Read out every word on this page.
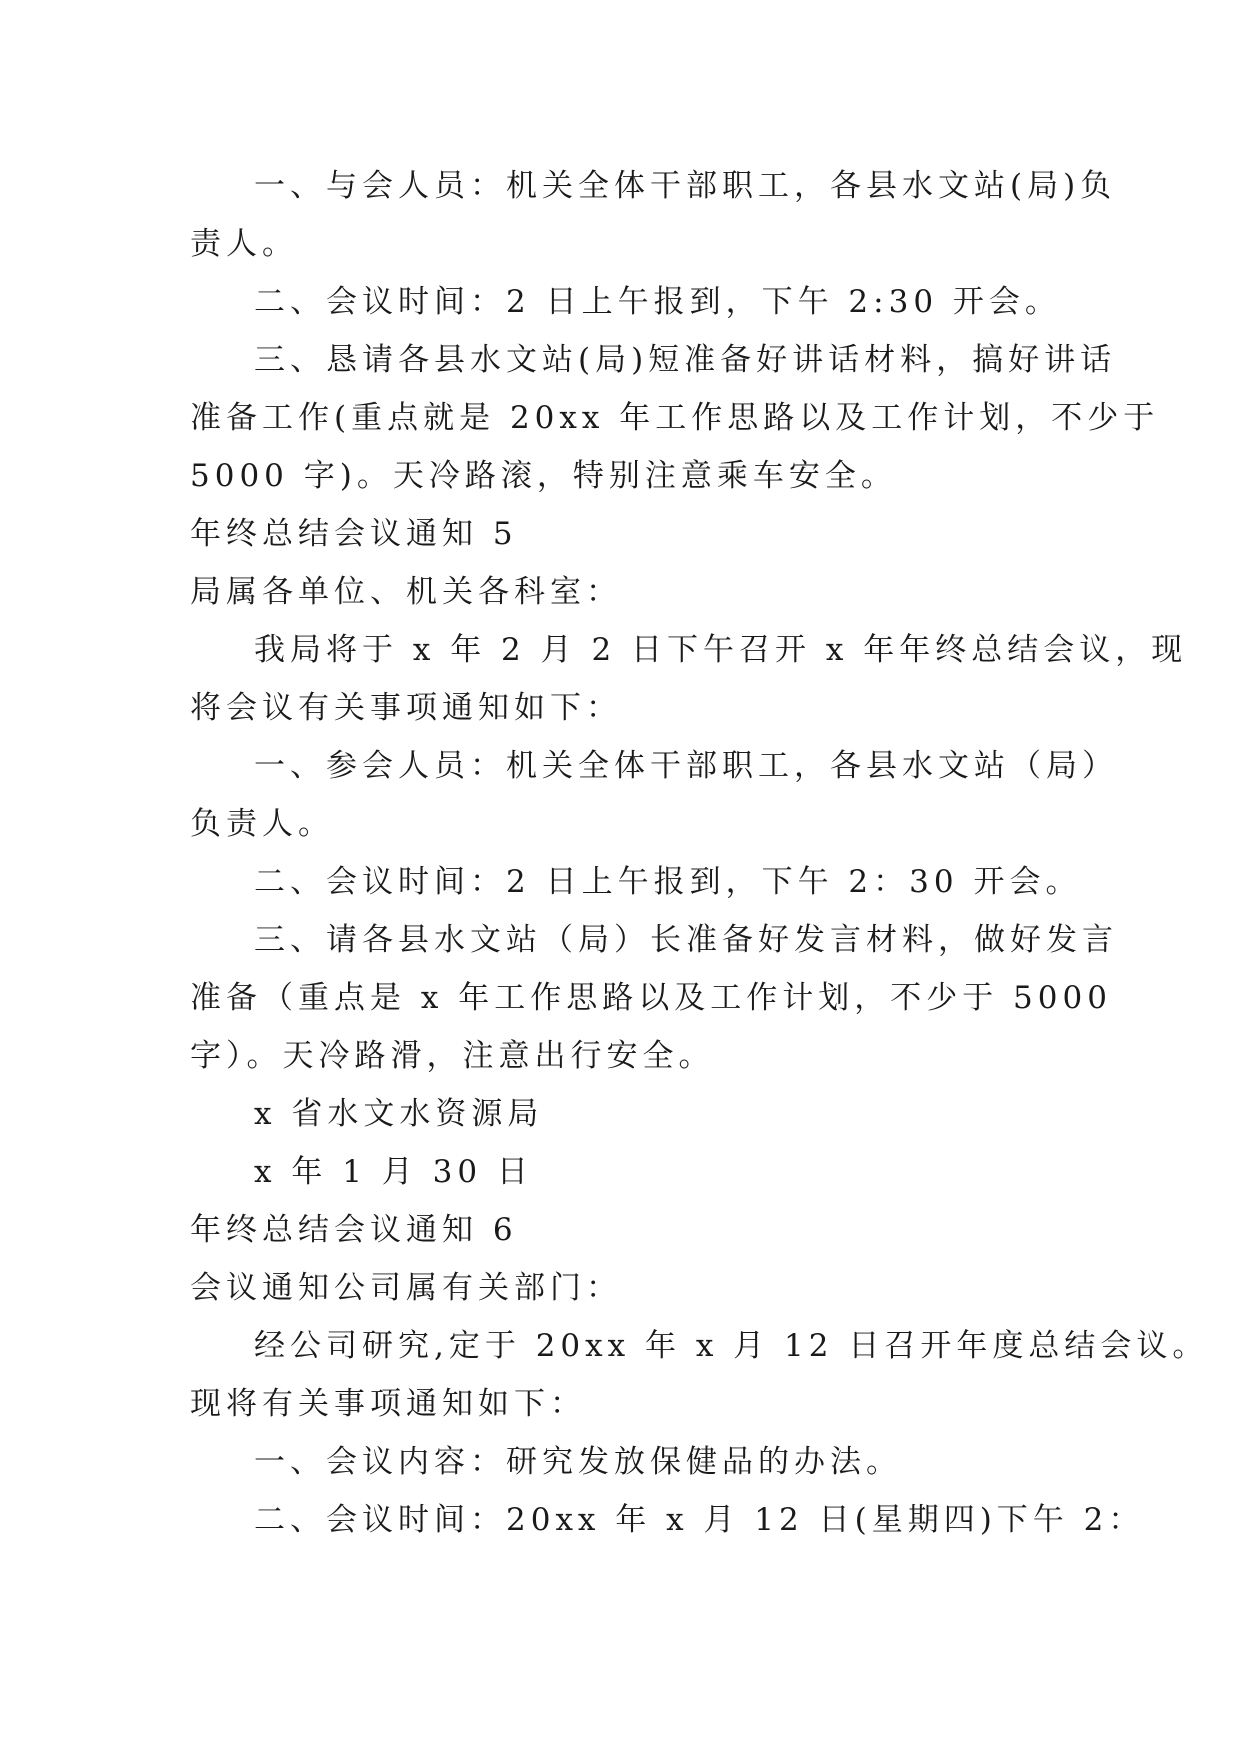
一、与会人员：机关全体干部职工，各县水文站(局)负
责人。
二、会议时间：2 日上午报到，下午 2:30 开会。
三、恳请各县水文站(局)短准备好讲话材料，搞好讲话
准备工作(重点就是 20xx 年工作思路以及工作计划，不少于
5000 字)。天冷路滚，特别注意乘车安全。
年终总结会议通知 5
局属各单位、机关各科室：
我局将于 x 年 2 月 2 日下午召开 x 年年终总结会议，现
将会议有关事项通知如下：
一、参会人员：机关全体干部职工，各县水文站（局）
负责人。
二、会议时间：2 日上午报到，下午 2：30 开会。
三、请各县水文站（局）长准备好发言材料，做好发言
准备（重点是 x 年工作思路以及工作计划，不少于 5000
字）。天冷路滑，注意出行安全。
x 省水文水资源局
x 年 1 月 30 日
年终总结会议通知 6
会议通知公司属有关部门：
经公司研究,定于 20xx 年 x 月 12 日召开年度总结会议。
现将有关事项通知如下：
一、会议内容：研究发放保健品的办法。
二、会议时间：20xx 年 x 月 12 日(星期四)下午 2：
